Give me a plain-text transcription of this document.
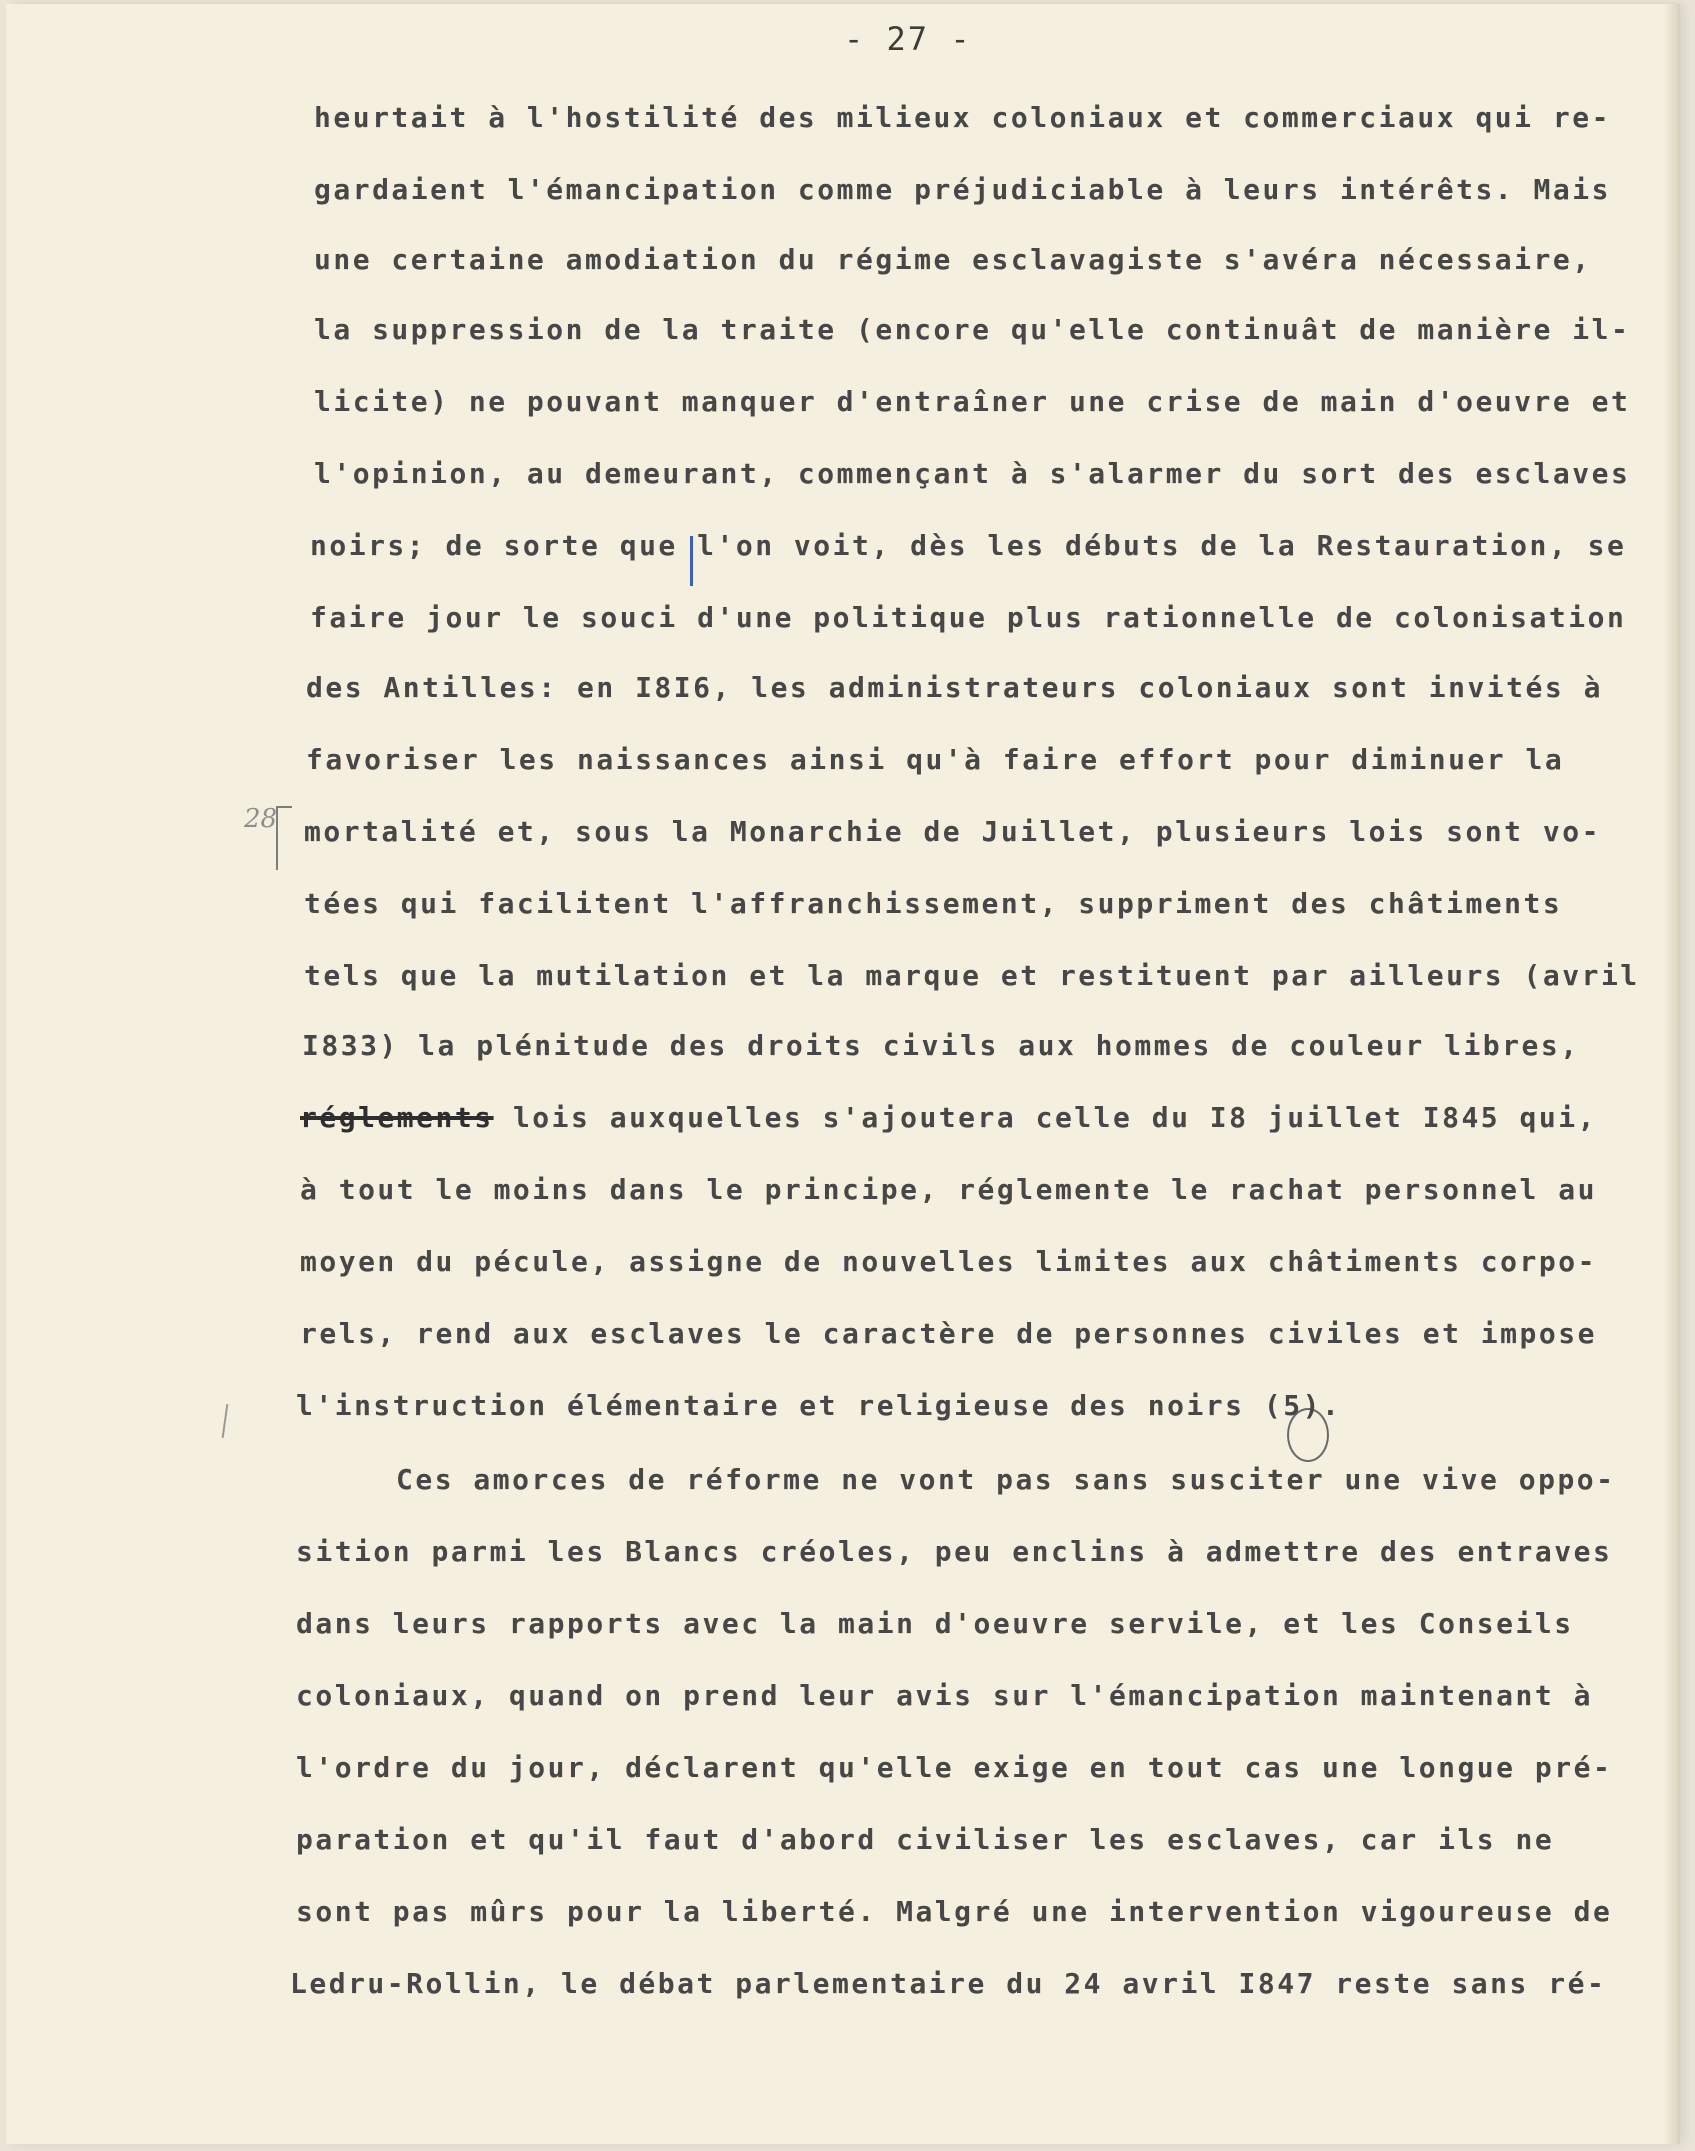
- 27 -
28
heurtait à l'hostilité des milieux coloniaux et commerciaux qui re-
gardaient l'émancipation comme préjudiciable à leurs intérêts. Mais
une certaine amodiation du régime esclavagiste s'avéra nécessaire,
la suppression de la traite (encore qu'elle continuât de manière il-
licite) ne pouvant manquer d'entraîner une crise de main d'oeuvre et
l'opinion, au demeurant, commençant à s'alarmer du sort des esclaves
noirs; de sorte que l'on voit, dès les débuts de la Restauration, se
faire jour le souci d'une politique plus rationnelle de colonisation
des Antilles: en I8I6, les administrateurs coloniaux sont invités à
favoriser les naissances ainsi qu'à faire effort pour diminuer la
mortalité et, sous la Monarchie de Juillet, plusieurs lois sont vo-
tées qui facilitent l'affranchissement, suppriment des châtiments
tels que la mutilation et la marque et restituent par ailleurs (avril
I833) la plénitude des droits civils aux hommes de couleur libres,
réglements lois auxquelles s'ajoutera celle du I8 juillet I845 qui,
à tout le moins dans le principe, réglemente le rachat personnel au
moyen du pécule, assigne de nouvelles limites aux châtiments corpo-
rels, rend aux esclaves le caractère de personnes civiles et impose
l'instruction élémentaire et religieuse des noirs (5).
Ces amorces de réforme ne vont pas sans susciter une vive oppo-
sition parmi les Blancs créoles, peu enclins à admettre des entraves
dans leurs rapports avec la main d'oeuvre servile, et les Conseils
coloniaux, quand on prend leur avis sur l'émancipation maintenant à
l'ordre du jour, déclarent qu'elle exige en tout cas une longue pré-
paration et qu'il faut d'abord civiliser les esclaves, car ils ne
sont pas mûrs pour la liberté. Malgré une intervention vigoureuse de
Ledru-Rollin, le débat parlementaire du 24 avril I847 reste sans ré-
